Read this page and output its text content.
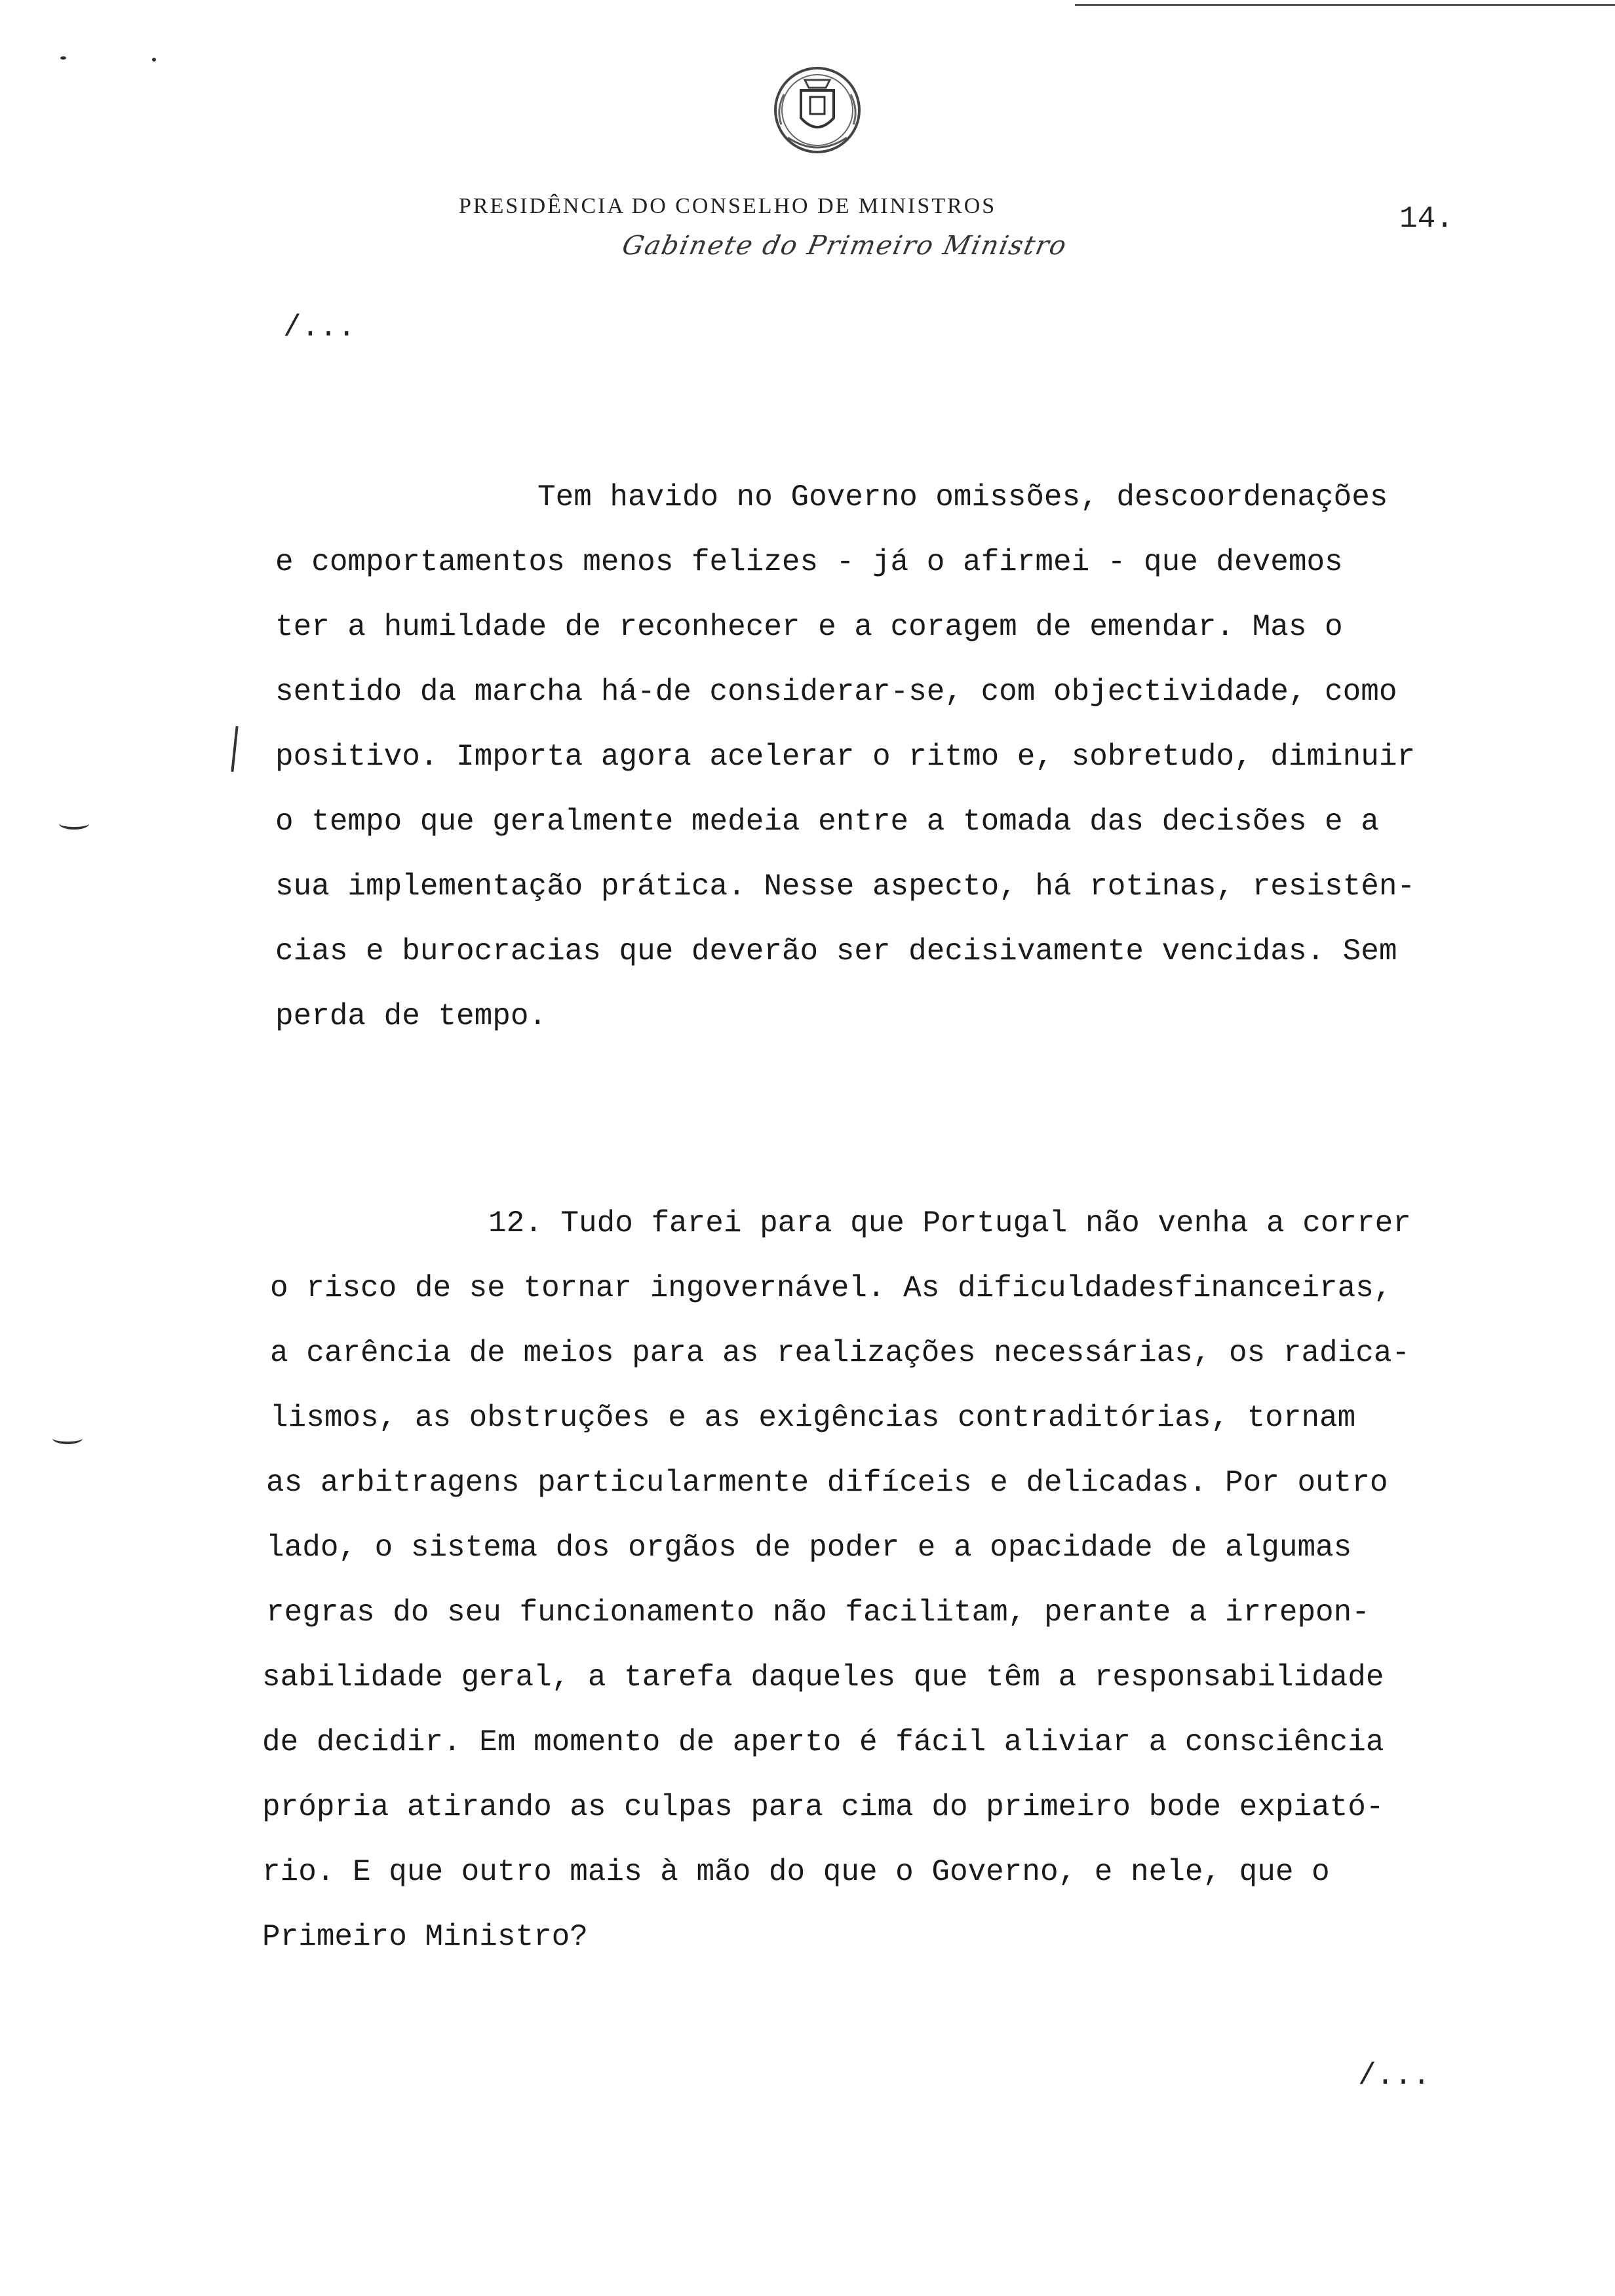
PRESIDÊNCIA DO CONSELHO DE MINISTROS
Gabinete do Primeiro Ministro
14.
/...
Tem havido no Governo omissões, descoordenações
e comportamentos menos felizes - já o afirmei - que devemos
ter a humildade de reconhecer e a coragem de emendar. Mas o
sentido da marcha há-de considerar-se, com objectividade, como
positivo. Importa agora acelerar o ritmo e, sobretudo, diminuir
o tempo que geralmente medeia entre a tomada das decisões e a
sua implementação prática. Nesse aspecto, há rotinas, resistên-
cias e burocracias que deverão ser decisivamente vencidas. Sem
perda de tempo.
12. Tudo farei para que Portugal não venha a correr
o risco de se tornar ingovernável. As dificuldadesfinanceiras,
a carência de meios para as realizações necessárias, os radica-
lismos, as obstruções e as exigências contraditórias, tornam
as arbitragens particularmente difíceis e delicadas. Por outro
lado, o sistema dos orgãos de poder e a opacidade de algumas
regras do seu funcionamento não facilitam, perante a irrepon-
sabilidade geral, a tarefa daqueles que têm a responsabilidade
de decidir. Em momento de aperto é fácil aliviar a consciência
própria atirando as culpas para cima do primeiro bode expiató-
rio. E que outro mais à mão do que o Governo, e nele, que o
Primeiro Ministro?
/...
